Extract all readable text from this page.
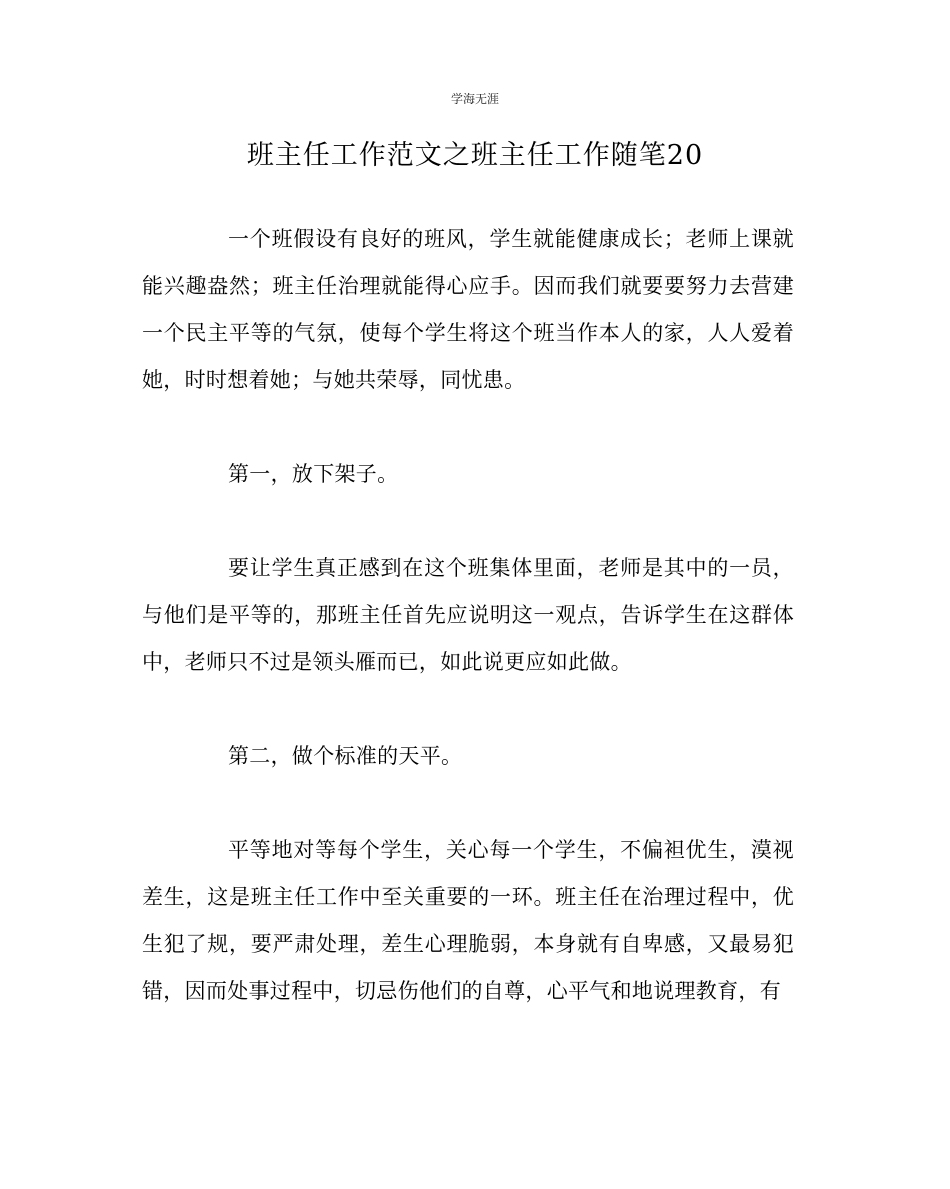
学海无涯
班主任工作范文之班主任工作随笔20

一个班假设有良好的班风，学生就能健康成长；老师上课就能兴趣盎然；班主任治理就能得心应手。因而我们就要要努力去营建一个民主平等的气氛，使每个学生将这个班当作本人的家，人人爱着她，时时想着她；与她共荣辱，同忧患。

第一，放下架子。

要让学生真正感到在这个班集体里面，老师是其中的一员，与他们是平等的，那班主任首先应说明这一观点，告诉学生在这群体中，老师只不过是领头雁而已，如此说更应如此做。

第二，做个标准的天平。

平等地对等每个学生，关心每一个学生，不偏袒优生，漠视差生，这是班主任工作中至关重要的一环。班主任在治理过程中，优生犯了规，要严肃处理，差生心理脆弱，本身就有自卑感，又最易犯错，因而处事过程中，切忌伤他们的自尊，心平气和地说理教育，有
